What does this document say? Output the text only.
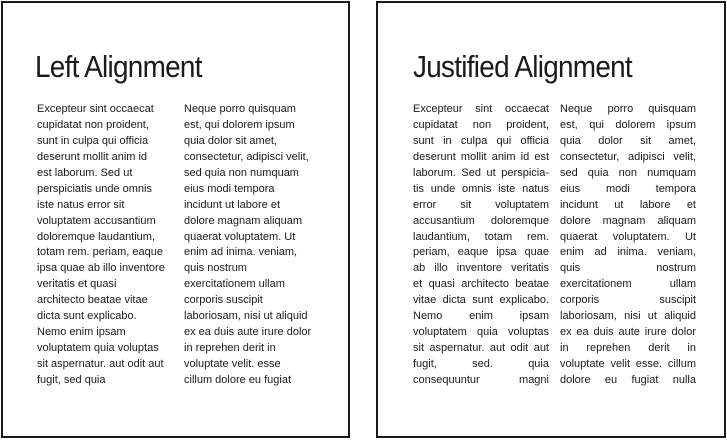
Left Alignment
Excepteur sint occaecat
cupidatat non proident,
sunt in culpa qui officia
deserunt mollit anim id
est laborum. Sed ut
perspiciatis unde omnis
iste natus error sit
voluptatem accusantium
doloremque laudantium,
totam rem. periam, eaque
ipsa quae ab illo inventore
veritatis et quasi
architecto beatae vitae
dicta sunt explicabo.
Nemo enim ipsam
voluptatem quia voluptas
sit aspernatur. aut odit aut
fugit, sed quia
Neque porro quisquam
est, qui dolorem ipsum
quia dolor sit amet,
consectetur, adipisci velit,
sed quia non numquam
eius modi tempora
incidunt ut labore et
dolore magnam aliquam
quaerat voluptatem. Ut
enim ad inima. veniam,
quis nostrum
exercitationem ullam
corporis suscipit
laboriosam, nisi ut aliquid
ex ea duis aute irure dolor
in reprehen derit in
voluptate velit. esse
cillum dolore eu fugiat
Justified Alignment
Excepteur sint occaecat
cupidatat non proident,
sunt in culpa qui officia
deserunt mollit anim id est
laborum. Sed ut perspicia-
tis unde omnis iste natus
error sit voluptatem
accusantium doloremque
laudantium, totam rem.
periam, eaque ipsa quae
ab illo inventore veritatis
et quasi architecto beatae
vitae dicta sunt explicabo.
Nemo enim ipsam
voluptatem quia voluptas
sit aspernatur. aut odit aut
fugit, sed. quia
consequuntur magni
Neque porro quisquam
est, qui dolorem ipsum
quia dolor sit amet,
consectetur, adipisci velit,
sed quia non numquam
eius modi tempora
incidunt ut labore et
dolore magnam aliquam
quaerat voluptatem. Ut
enim ad inima. veniam,
quis nostrum
exercitationem ullam
corporis suscipit
laboriosam, nisi ut aliquid
ex ea duis aute irure dolor
in reprehen derit in
voluptate velit esse. cillum
dolore eu fugiat nulla
